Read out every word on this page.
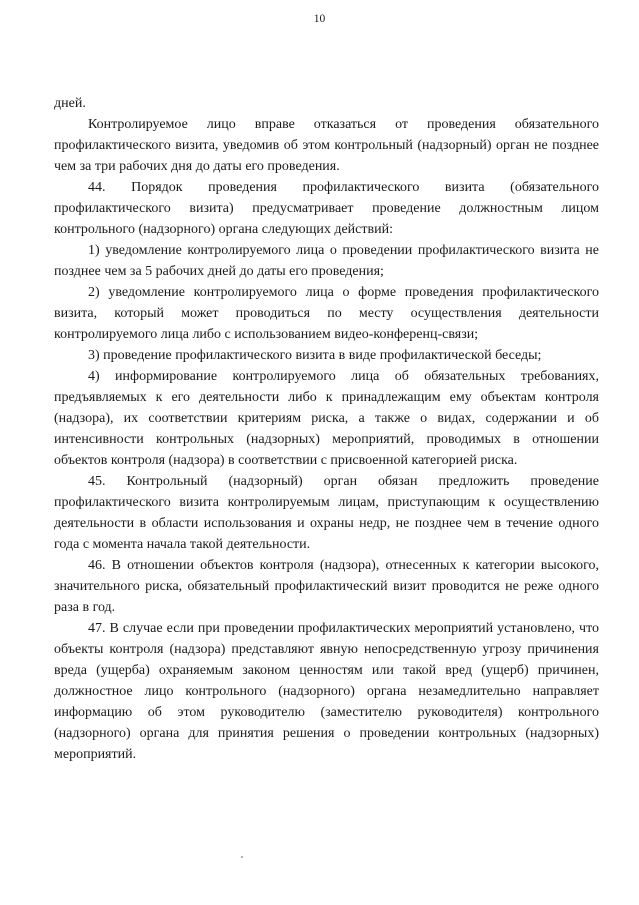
10

дней.

Контролируемое лицо вправе отказаться от проведения обязательного профилактического визита, уведомив об этом контрольный (надзорный) орган не позднее чем за три рабочих дня до даты его проведения.

44. Порядок проведения профилактического визита (обязательного профилактического визита) предусматривает проведение должностным лицом контрольного (надзорного) органа следующих действий:

1) уведомление контролируемого лица о проведении профилактического визита не позднее чем за 5 рабочих дней до даты его проведения;

2) уведомление контролируемого лица о форме проведения профилактического визита, который может проводиться по месту осуществления деятельности контролируемого лица либо с использованием видео-конференц-связи;

3) проведение профилактического визита в виде профилактической беседы;

4) информирование контролируемого лица об обязательных требованиях, предъявляемых к его деятельности либо к принадлежащим ему объектам контроля (надзора), их соответствии критериям риска, а также о видах, содержании и об интенсивности контрольных (надзорных) мероприятий, проводимых в отношении объектов контроля (надзора) в соответствии с присвоенной категорией риска.

45. Контрольный (надзорный) орган обязан предложить проведение профилактического визита контролируемым лицам, приступающим к осуществлению деятельности в области использования и охраны недр, не позднее чем в течение одного года с момента начала такой деятельности.

46. В отношении объектов контроля (надзора), отнесенных к категории высокого, значительного риска, обязательный профилактический визит проводится не реже одного раза в год.

47. В случае если при проведении профилактических мероприятий установлено, что объекты контроля (надзора) представляют явную непосредственную угрозу причинения вреда (ущерба) охраняемым законом ценностям или такой вред (ущерб) причинен, должностное лицо контрольного (надзорного) органа незамедлительно направляет информацию об этом руководителю (заместителю руководителя) контрольного (надзорного) органа для принятия решения о проведении контрольных (надзорных) мероприятий.
